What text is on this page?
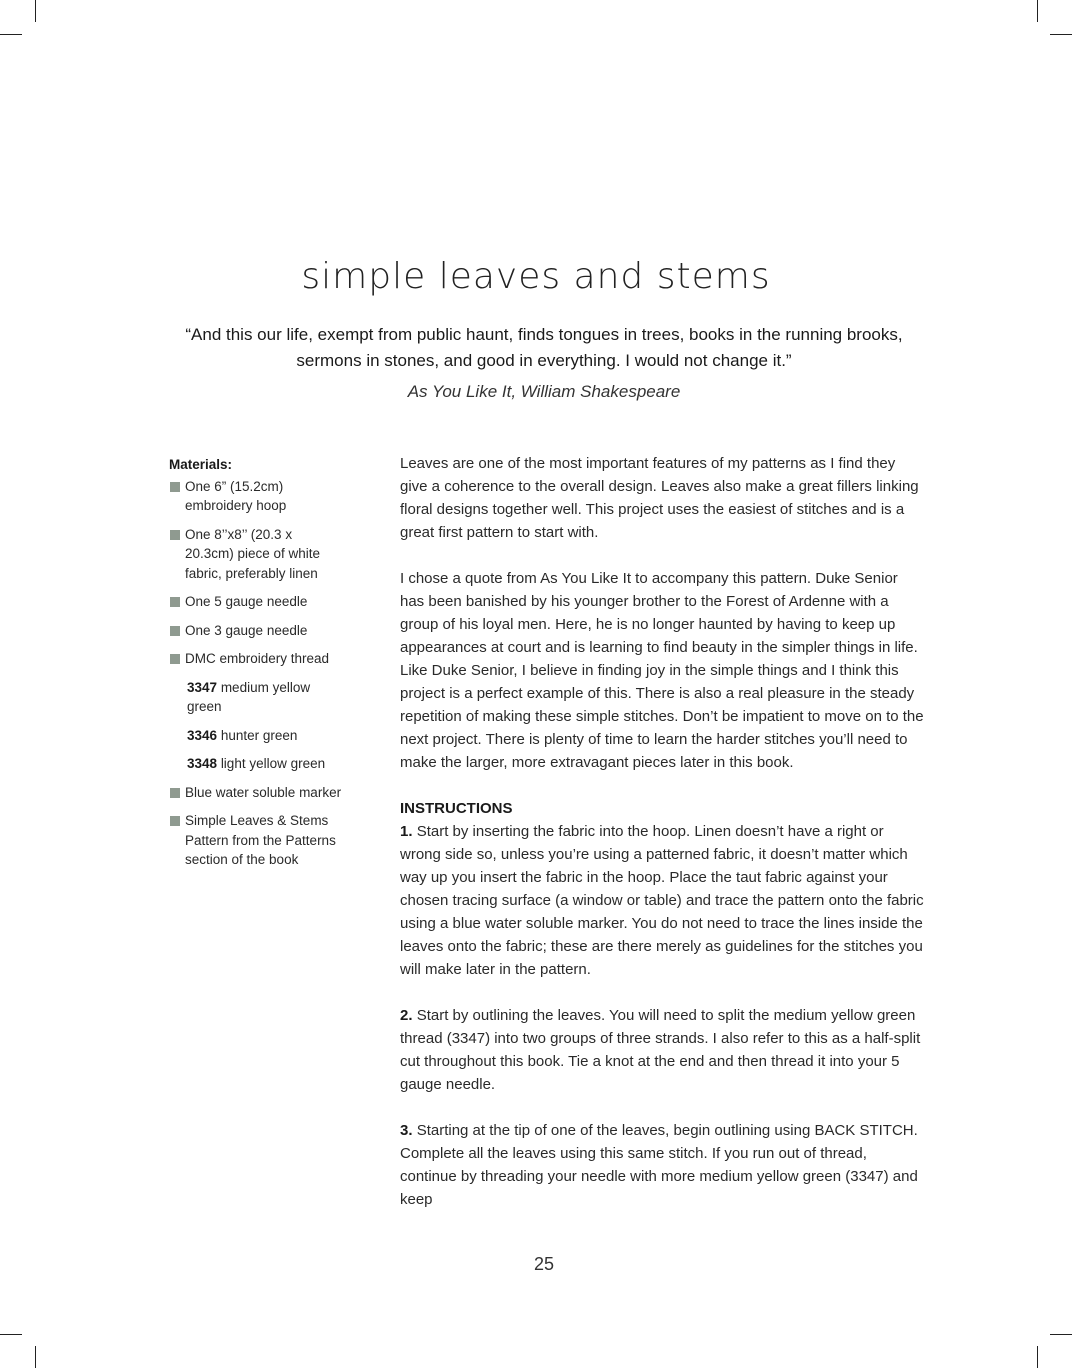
simple leaves and stems
“And this our life, exempt from public haunt, finds tongues in trees, books in the running brooks, sermons in stones, and good in everything. I would not change it.”
As You Like It, William Shakespeare
Materials:
One 6” (15.2cm) embroidery hoop
One 8’’x8’’ (20.3 x 20.3cm) piece of white fabric, preferably linen
One 5 gauge needle
One 3 gauge needle
DMC embroidery thread
3347 medium yellow green
3346 hunter green
3348 light yellow green
Blue water soluble marker
Simple Leaves & Stems Pattern from the Patterns section of the book

Leaves are one of the most important features of my patterns as I find they give a coherence to the overall design. Leaves also make a great fillers linking floral designs together well. This project uses the easiest of stitches and is a great first pattern to start with.

I chose a quote from As You Like It to accompany this pattern. Duke Senior has been banished by his younger brother to the Forest of Ardenne with a group of his loyal men. Here, he is no longer haunted by having to keep up appearances at court and is learning to find beauty in the simpler things in life. Like Duke Senior, I believe in finding joy in the simple things and I think this project is a perfect example of this. There is also a real pleasure in the steady repetition of making these simple stitches. Don’t be impatient to move on to the next project. There is plenty of time to learn the harder stitches you’ll need to make the larger, more extravagant pieces later in this book.

INSTRUCTIONS

1. Start by inserting the fabric into the hoop. Linen doesn’t have a right or wrong side so, unless you’re using a patterned fabric, it doesn’t matter which way up you insert the fabric in the hoop. Place the taut fabric against your chosen tracing surface (a window or table) and trace the pattern onto the fabric using a blue water soluble marker. You do not need to trace the lines inside the leaves onto the fabric; these are there merely as guidelines for the stitches you will make later in the pattern.

2. Start by outlining the leaves. You will need to split the medium yellow green thread (3347) into two groups of three strands. I also refer to this as a half-split cut throughout this book. Tie a knot at the end and then thread it into your 5 gauge needle.

3. Starting at the tip of one of the leaves, begin outlining using BACK STITCH. Complete all the leaves using this same stitch. If you run out of thread, continue by threading your needle with more medium yellow green (3347) and keep

25
